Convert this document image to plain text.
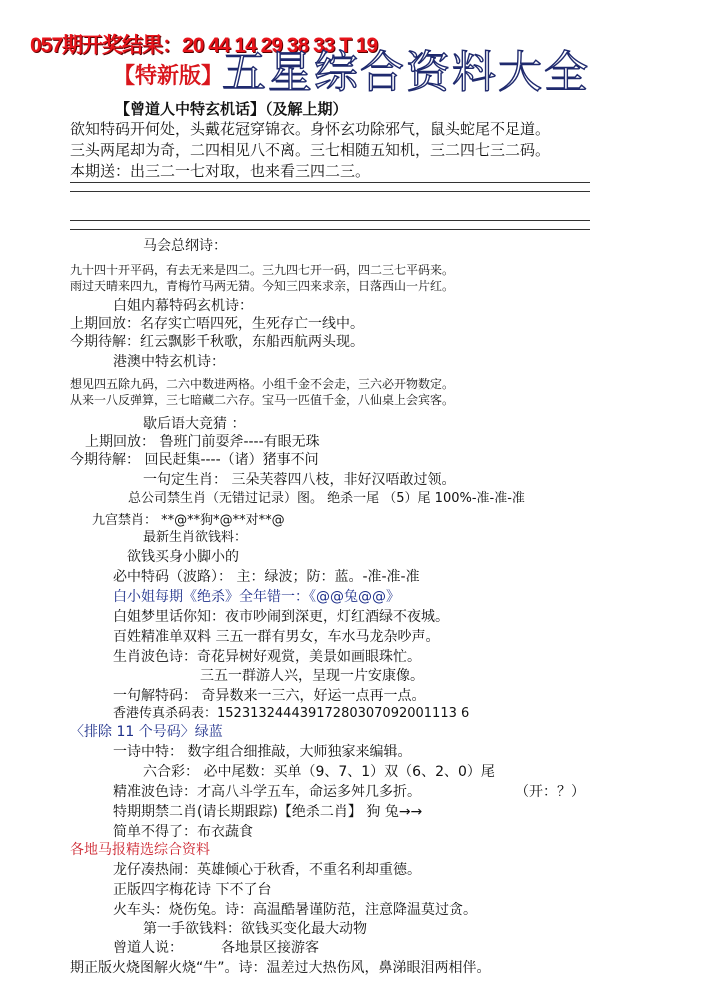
057期开奖结果：20 44 14 29 38 33 T 19
【特新版】
五星综合资料大全
【曾道人中特玄机话】（及解上期）
欲知特码开何处，头戴花冠穿锦衣。身怀玄功除邪气，鼠头蛇尾不足道。
三头两尾却为奇，二四相见八不离。三七相随五知机，三二四七三二码。
本期送：出三二一七对取，也来看三四二三。
马会总纲诗：
九十四十开平码，有去无来是四二。三九四七开一码，四二三七平码来。
雨过天晴来四九，青梅竹马两无猜。今知三四来求亲，日落西山一片红。
白姐内幕特码玄机诗：
上期回放：名存实亡唔四死，生死存亡一线中。
今期待解：红云飘影千秋歌，东船西航两头现。
港澳中特玄机诗：
想见四五除九码，二六中数进两格。小组千金不会走，三六必开物数定。
从来一八反弹算，三七暗藏二六存。宝马一匹值千金，八仙桌上会宾客。
歇后语大竞猜 ：
上期回放： 鲁班门前耍斧----有眼无珠
今期待解： 回民赶集----（诸）猪事不问
一句定生肖： 三朵芙蓉四八枝，非好汉唔敢过领。
总公司禁生肖（无错过记录）图。 绝杀一尾 （5）尾 100%-准-准-准
九宫禁肖： **@**狗*@**对**@
最新生肖欲钱料：
欲钱买身小脚小的
必中特码（波路）： 主：绿波；防：蓝。-准-准-准
白小姐每期《绝杀》全年错一：《@@兔@@》
白姐梦里话你知：夜市吵闹到深更，灯红酒绿不夜城。
百姓精准单双料 三五一群有男女，车水马龙杂吵声。
生肖波色诗：奇花异树好观赏，美景如画眼珠忙。
三五一群游人兴，呈现一片安康像。
一句解特码： 奇异数来一三六，好运一点再一点。
香港传真杀码表：15231324443917280307092001113 6
〈排除 11 个号码〉绿蓝
一诗中特： 数字组合细推敲，大师独家来编辑。
六合彩： 必中尾数：买单（9、7、1）双（6、2、0）尾
精准波色诗：才高八斗学五车，命运多舛几多折。	（开：？）
特期期禁二肖(请长期跟踪)【绝杀二肖】 狗 兔→→
简单不得了：布衣蔬食
各地马报精选综合资料
龙仔凑热闹：英雄倾心于秋香，不重名利却重德。
正版四字梅花诗 下不了台
火车头：烧伤兔。诗：高温酷暑谨防范，注意降温莫过贪。
第一手欲钱料：欲钱买变化最大动物
曾道人说：	各地景区接游客
期正版火烧图解火烧“牛”。诗：温差过大热伤风，鼻涕眼泪两相伴。
